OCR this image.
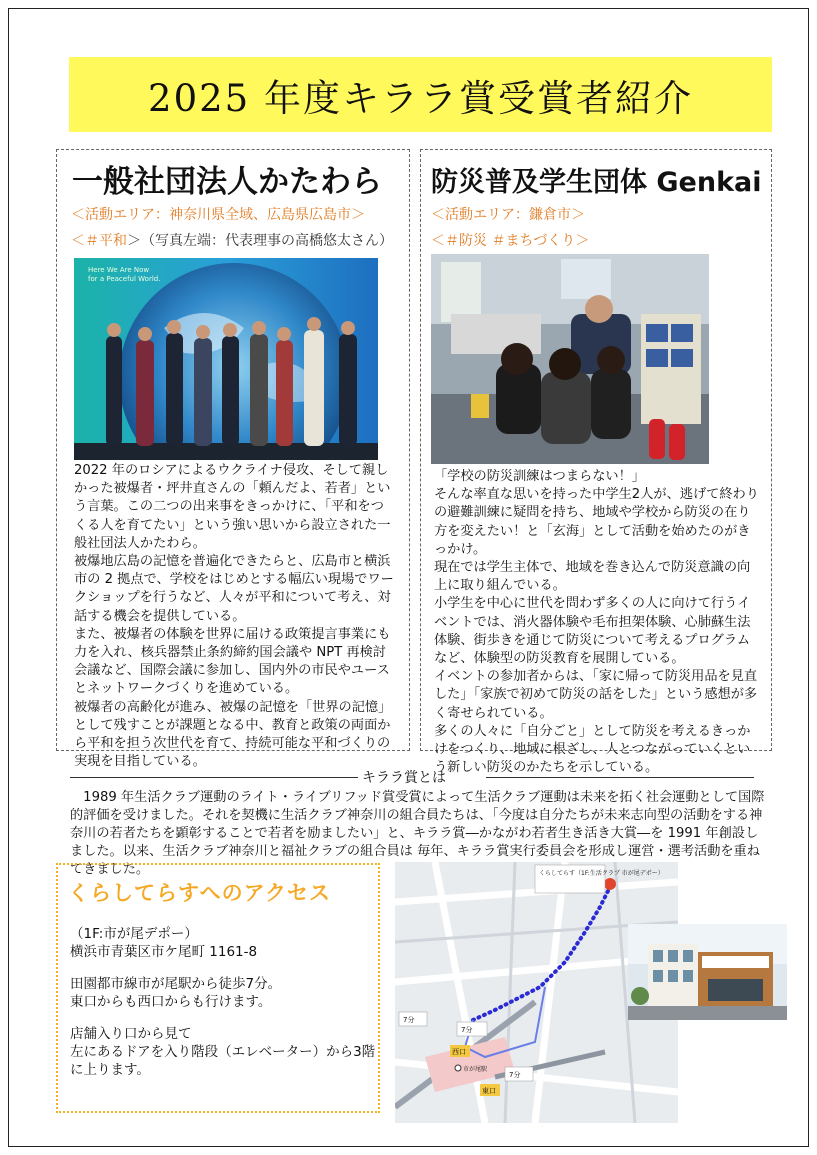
2025 年度キララ賞受賞者紹介
一般社団法人かたわら
＜活動エリア：神奈川県全域、広島県広島市＞
＜＃平和＞（写真左端：代表理事の高橋悠太さん）
Here We Are Now
for a Peaceful World.

2022 年のロシアによるウクライナ侵攻、そして親しかった被爆者・坪井直さんの「頼んだよ、若者」という言葉。この二つの出来事をきっかけに、「平和をつくる人を育てたい」という強い思いから設立された一般社団法人かたわら。

被爆地広島の記憶を普遍化できたらと、広島市と横浜市の 2 拠点で、学校をはじめとする幅広い現場でワークショップを行うなど、人々が平和について考え、対話する機会を提供している。

また、被爆者の体験を世界に届ける政策提言事業にも力を入れ、核兵器禁止条約締約国会議や NPT 再検討会議など、国際会議に参加し、国内外の市民やユースとネットワークづくりを進めている。

被爆者の高齢化が進み、被爆の記憶を「世界の記憶」として残すことが課題となる中、教育と政策の両面から平和を担う次世代を育て、持続可能な平和づくりの実現を目指している。

防災普及学生団体 Genkai
＜活動エリア：鎌倉市＞
＜＃防災 ＃まちづくり＞

「学校の防災訓練はつまらない！」

そんな率直な思いを持った中学生2人が、逃げて終わりの避難訓練に疑問を持ち、地域や学校から防災の在り方を変えたい！と「玄海」として活動を始めたのがきっかけ。

現在では学生主体で、地域を巻き込んで防災意識の向上に取り組んでいる。

小学生を中心に世代を問わず多くの人に向けて行うイベントでは、消火器体験や毛布担架体験、心肺蘇生法体験、街歩きを通じて防災について考えるプログラムなど、体験型の防災教育を展開している。

イベントの参加者からは、「家に帰って防災用品を見直した」「家族で初めて防災の話をした」という感想が多く寄せられている。

多くの人々に「自分ごと」として防災を考えるきっかけをつくり、地域に根ざし、人とつながっていくという新しい防災のかたちを示している。

キララ賞とは
　1989 年生活クラブ運動のライト・ライブリフッド賞受賞によって生活クラブ運動は未来を拓く社会運動として国際的評価を受けました。それを契機に生活クラブ神奈川の組合員たちは、「今度は自分たちが未来志向型の活動をする神奈川の若者たちを顕彰することで若者を励ましたい」と、キララ賞―かながわ若者生き活き大賞―を 1991 年創設しました。以来、生活クラブ神奈川と福祉クラブの組合員は 毎年、キララ賞実行委員会を形成し運営・選考活動を重ねてきました。
くらしてらすへのアクセス

（1F:市が尾デポー）

横浜市青葉区市ケ尾町 1161-8

田園都市線市が尾駅から徒歩7分。

東口からも西口からも行けます。

店舗入り口から見て

左にあるドアを入り階段（エレベーター）から3階に上ります。

くらしてらす（1F:生活クラブ 市が尾デポー）
7分
7分
7分
西口
東口
市が尾駅
